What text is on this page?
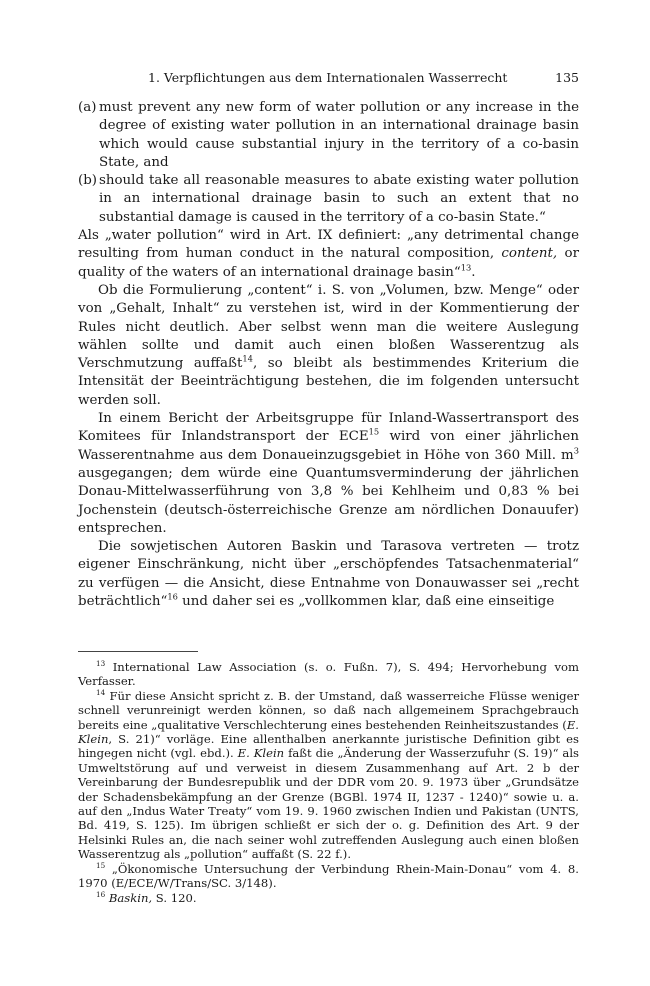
1. Verpflichtungen aus dem Internationalen Wasserrecht	135
(a) must prevent any new form of water pollution or any increase in the degree of existing water pollution in an international drainage basin which would cause substantial injury in the territory of a co-basin State, and
(b) should take all reasonable measures to abate existing water pollution in an international drainage basin to such an extent that no substantial damage is caused in the territory of a co-basin State.“

Als „water pollution“ wird in Art. IX definiert: „any detrimental change resulting from human conduct in the natural composition, content, or quality of the waters of an international drainage basin“$^{13}$.

Ob die Formulierung „content“ i. S. von „Volumen, bzw. Menge“ oder von „Gehalt, Inhalt“ zu verstehen ist, wird in der Kommentierung der Rules nicht deutlich. Aber selbst wenn man die weitere Auslegung wählen sollte und damit auch einen bloßen Wasserentzug als Verschmutzung auffaßt$^{14}$, so bleibt als bestimmendes Kriterium die Intensität der Beeinträchtigung bestehen, die im folgenden untersucht werden soll.

In einem Bericht der Arbeitsgruppe für Inland-Wassertransport des Komitees für Inlandstransport der ECE$^{15}$ wird von einer jährlichen Wasserentnahme aus dem Donaueinzugsgebiet in Höhe von 360 Mill. $m^3$ ausgegangen; dem würde eine Quantumsverminderung der jährlichen Donau-Mittelwasserführung von 3,8 % bei Kehlheim und 0,83 % bei Jochenstein (deutsch-österreichische Grenze am nördlichen Donauufer) entsprechen.

Die sowjetischen Autoren Baskin und Tarasova vertreten — trotz eigener Einschränkung, nicht über „erschöpfendes Tatsachenmaterial“ zu verfügen — die Ansicht, diese Entnahme von Donauwasser sei „recht beträchtlich“$^{16}$ und daher sei es „vollkommen klar, daß eine einseitige

$^{13}$ International Law Association (s. o. Fußn. 7), S. 494; Hervorhebung vom Verfasser.

$^{14}$ Für diese Ansicht spricht z. B. der Umstand, daß wasserreiche Flüsse weniger schnell verunreinigt werden können, so daß nach allgemeinem Sprachgebrauch bereits eine „qualitative Verschlechterung eines bestehenden Reinheitszustandes (E. Klein, S. 21)“ vorläge. Eine allenthalben anerkannte juristische Definition gibt es hingegen nicht (vgl. ebd.). E. Klein faßt die „Änderung der Wasserzufuhr (S. 19)“ als Umweltstörung auf und verweist in diesem Zusammenhang auf Art. 2 b der Vereinbarung der Bundesrepublik und der DDR vom 20. 9. 1973 über „Grundsätze der Schadensbekämpfung an der Grenze (BGBl. 1974 II, 1237 - 1240)“ sowie u. a. auf den „Indus Water Treaty“ vom 19. 9. 1960 zwischen Indien und Pakistan (UNTS, Bd. 419, S. 125). Im übrigen schließt er sich der o. g. Definition des Art. 9 der Helsinki Rules an, die nach seiner wohl zutreffenden Auslegung auch einen bloßen Wasserentzug als „pollution“ auffaßt (S. 22 f.).

$^{15}$ „Ökonomische Untersuchung der Verbindung Rhein-Main-Donau“ vom 4. 8. 1970 (E/ECE/W/Trans/SC. 3/148).

$^{16}$ Baskin, S. 120.
